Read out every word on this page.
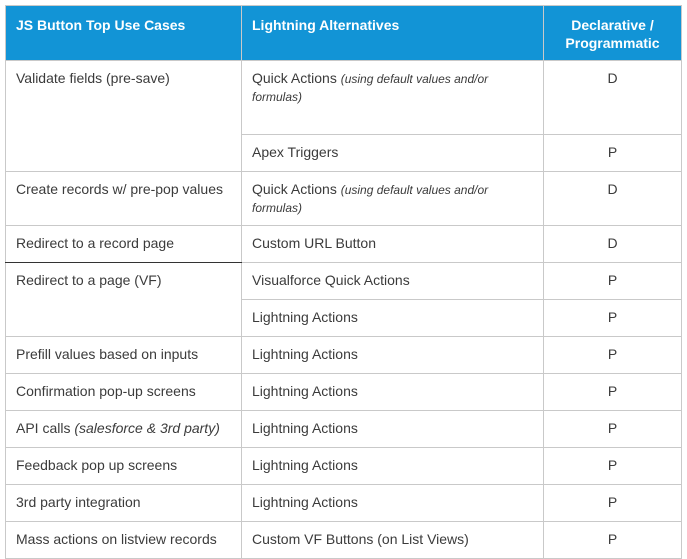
JS Button Top Use Cases	Lightning Alternatives	Declarative / Programmatic
Validate fields (pre-save)	Quick Actions (using default values and/or formulas)	D
	Apex Triggers	P
Create records w/ pre-pop values	Quick Actions (using default values and/or formulas)	D
Redirect to a record page	Custom URL Button	D
Redirect to a page (VF)	Visualforce Quick Actions	P
	Lightning Actions	P
Prefill values based on inputs	Lightning Actions	P
Confirmation pop-up screens	Lightning Actions	P
API calls (salesforce & 3rd party)	Lightning Actions	P
Feedback pop up screens	Lightning Actions	P
3rd party integration	Lightning Actions	P
Mass actions on listview records	Custom VF Buttons (on List Views)	P
